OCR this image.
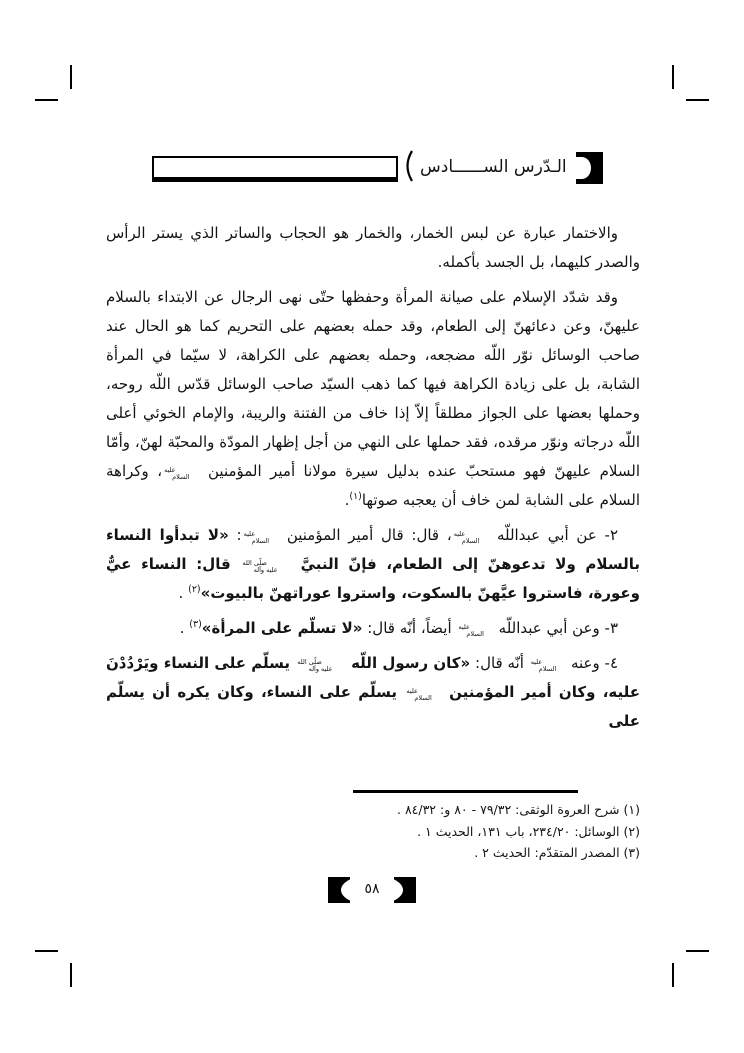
الـدّرس الســــــادس

والاختمار عبارة عن لبس الخمار، والخمار هو الحجاب والساتر الذي يستر الرأس والصدر كليهما، بل الجسد بأكمله.

وقد شدّد الإسلام على صيانة المرأة وحفظها حتّى نهى الرجال عن الابتداء بالسلام عليهنّ، وعن دعائهنّ إلى الطعام، وقد حمله بعضهم على التحريم كما هو الحال عند صاحب الوسائل نوّر اللّه مضجعه، وحمله بعضهم على الكراهة، لا سيّما في المرأة الشابة، بل على زيادة الكراهة فيها كما ذهب السيّد صاحب الوسائل قدّس اللّه روحه، وحملها بعضها على الجواز مطلقاً إلاّ إذا خاف من الفتنة والريبة، والإمام الخوئي أعلى اللّه درجاته ونوّر مرقده، فقد حملها على النهي من أجل إظهار المودّة والمحبّة لهنّ، وأمّا السلام عليهنّ فهو مستحبّ عنده بدليل سيرة مولانا أمير المؤمنين عليه
السلام، وكراهة السلام على الشابة لمن خاف أن يعجبه صوتها$^{(١)}$.

٢- عن أبي عبداللّه عليه
السلام، قال: قال أمير المؤمنين عليه
السلام: «لا تبدأوا النساء بالسلام ولا تدعوهنّ إلى الطعام، فإنّ النبيَّ صلّى الله
عليه وآله قال: النساء عيٌّ وعورة، فاستروا عيَّهنّ بالسكوت، واستروا عوراتهنّ بالبيوت»$^{(٢)}$ .

٣- وعن أبي عبداللّه عليه
السلام أيضاً، أنّه قال: «لا تسلّم على المرأة»$^{(٣)}$ .

٤- وعنه عليه
السلام أنّه قال: «كان رسول اللّه صلّى الله
عليه وآله يسلّم على النساء ويَرْدُدْنَ عليه، وكان أمير المؤمنين عليه
السلام يسلّم على النساء، وكان يكره أن يسلّم على

(١) شرح العروة الوثقى: ٧٩/٣٢ - ٨٠ و: ٨٤/٣٢ .
(٢) الوسائل: ٢٣٤/٢٠، باب ١٣١، الحديث ١ .
(٣) المصدر المتقدّم: الحديث ٢ .
٥٨
